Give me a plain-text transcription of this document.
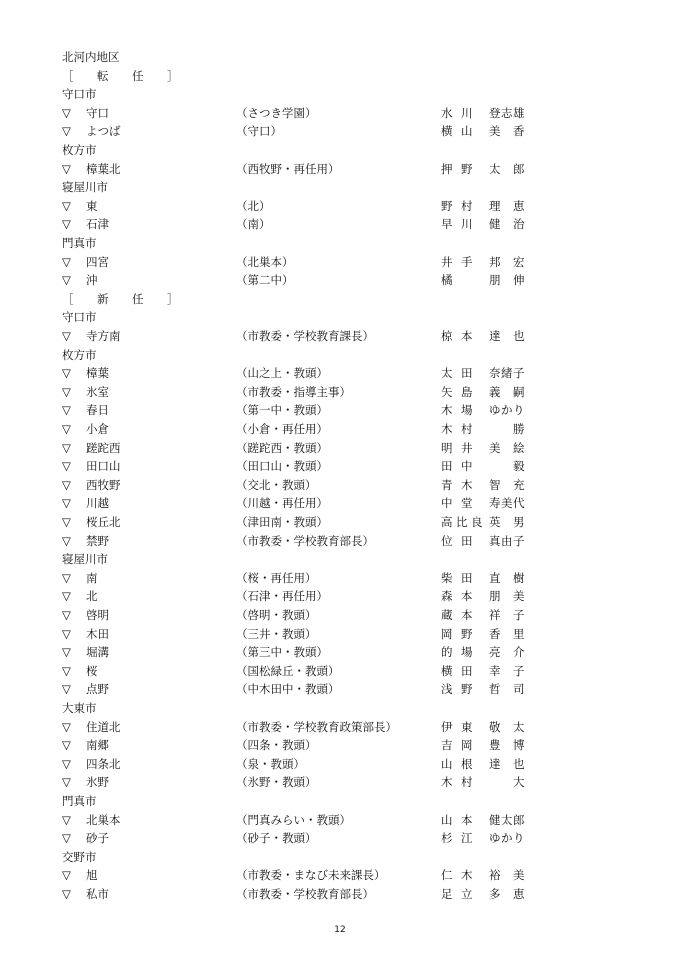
北河内地区
［　転　任　］
守口市
▽ 守口	（さつき学園）	水 川 登 志 雄
▽ よつば	（守口）	横 山 美 香
枚方市
▽ 樟葉北	（西牧野・再任用）	押 野 太 郎
寝屋川市
▽ 東	（北）	野 村 理 恵
▽ 石津	（南）	早 川 健 治
門真市
▽ 四宮	（北巣本）	井 手 邦 宏
▽ 沖	（第二中）	橘	朋 伸
［　新　任　］
守口市
▽ 寺方南	（市教委・学校教育課長）	椋 本 達 也
枚方市
▽ 樟葉	（山之上・教頭）	太 田 奈 緒 子
▽ 氷室	（市教委・指導主事）	矢 島 義 嗣
▽ 春日	（第一中・教頭）	木 場 ゆ か り
▽ 小倉	（小倉・再任用）	木 村	勝
▽ 蹉跎西	（蹉跎西・教頭）	明 井 美 絵
▽ 田口山	（田口山・教頭）	田 中	毅
▽ 西牧野	（交北・教頭）	青 木 智 充
▽ 川越	（川越・再任用）	中 堂 寿 美 代
▽ 桜丘北	（津田南・教頭）	高 比 良 英 男
▽ 禁野	（市教委・学校教育部長）	位 田 真 由 子
寝屋川市
▽ 南	（桜・再任用）	柴 田 直 樹
▽ 北	（石津・再任用）	森 本 朋 美
▽ 啓明	（啓明・教頭）	蔵 本 祥 子
▽ 木田	（三井・教頭）	岡 野 香 里
▽ 堀溝	（第三中・教頭）	的 場 亮 介
▽ 桜	（国松緑丘・教頭）	横 田 幸 子
▽ 点野	（中木田中・教頭）	浅 野 哲 司
大東市
▽ 住道北	（市教委・学校教育政策部長）	伊 東 敬 太
▽ 南郷	（四条・教頭）	吉 岡 豊 博
▽ 四条北	（泉・教頭）	山 根 達 也
▽ 氷野	（氷野・教頭）	木 村	大
門真市
▽ 北巣本	（門真みらい・教頭）	山 本 健 太 郎
▽ 砂子	（砂子・教頭）	杉 江 ゆ か り
交野市
▽ 旭	（市教委・まなび未来課長）	仁 木 裕 美
▽ 私市	（市教委・学校教育部長）	足 立 多 恵
12
